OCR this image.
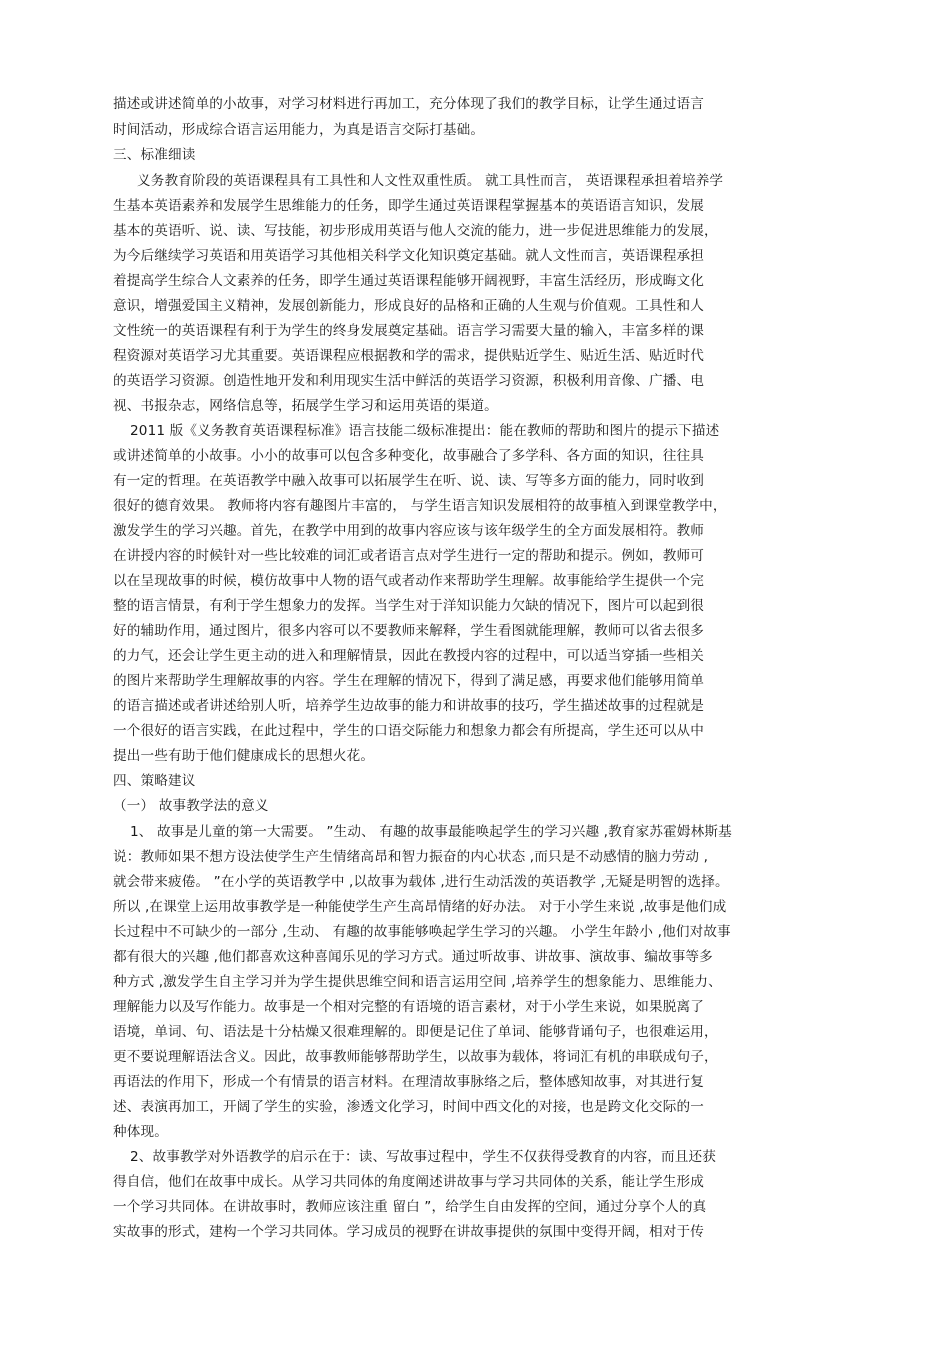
描述或讲述简单的小故事，对学习材料进行再加工，充分体现了我们的教学目标，让学生通过语言
时间活动，形成综合语言运用能力，为真是语言交际打基础。
三、标准细读
义务教育阶段的英语课程具有工具性和人文性双重性质。 就工具性而言， 英语课程承担着培养学
生基本英语素养和发展学生思维能力的任务，即学生通过英语课程掌握基本的英语语言知识，发展
基本的英语听、说、读、写技能，初步形成用英语与他人交流的能力，进一步促进思维能力的发展，
为今后继续学习英语和用英语学习其他相关科学文化知识奠定基础。就人文性而言，英语课程承担
着提高学生综合人文素养的任务，即学生通过英语课程能够开阔视野，丰富生活经历，形成晦文化
意识，增强爱国主义精神，发展创新能力，形成良好的品格和正确的人生观与价值观。工具性和人
文性统一的英语课程有利于为学生的终身发展奠定基础。语言学习需要大量的输入，丰富多样的课
程资源对英语学习尤其重要。英语课程应根据教和学的需求，提供贴近学生、贴近生活、贴近时代
的英语学习资源。创造性地开发和利用现实生活中鲜活的英语学习资源，积极利用音像、广播、电
视、书报杂志，网络信息等，拓展学生学习和运用英语的渠道。
2011 版《义务教育英语课程标准》语言技能二级标准提出：能在教师的帮助和图片的提示下描述
或讲述简单的小故事。小小的故事可以包含多种变化，故事融合了多学科、各方面的知识，往往具
有一定的哲理。在英语教学中融入故事可以拓展学生在听、说、读、写等多方面的能力，同时收到
很好的德育效果。 教师将内容有趣图片丰富的， 与学生语言知识发展相符的故事植入到课堂教学中，
激发学生的学习兴趣。首先，在教学中用到的故事内容应该与该年级学生的全方面发展相符。教师
在讲授内容的时候针对一些比较难的词汇或者语言点对学生进行一定的帮助和提示。例如，教师可
以在呈现故事的时候，模仿故事中人物的语气或者动作来帮助学生理解。故事能给学生提供一个完
整的语言情景，有利于学生想象力的发挥。当学生对于洋知识能力欠缺的情况下，图片可以起到很
好的辅助作用，通过图片，很多内容可以不要教师来解释，学生看图就能理解，教师可以省去很多
的力气，还会让学生更主动的进入和理解情景，因此在教授内容的过程中，可以适当穿插一些相关
的图片来帮助学生理解故事的内容。学生在理解的情况下，得到了满足感，再要求他们能够用简单
的语言描述或者讲述给别人听，培养学生边故事的能力和讲故事的技巧，学生描述故事的过程就是
一个很好的语言实践，在此过程中，学生的口语交际能力和想象力都会有所提高，学生还可以从中
提出一些有助于他们健康成长的思想火花。
四、策略建议
（一） 故事教学法的意义
1、 故事是儿童的第一大需要。 ”生动、 有趣的故事最能唤起学生的学习兴趣 ,教育家苏霍姆林斯基
说：教师如果不想方设法使学生产生情绪高昂和智力振奋的内心状态 ,而只是不动感情的脑力劳动 ,
就会带来疲倦。 ”在小学的英语教学中 ,以故事为载体 ,进行生动活泼的英语教学 ,无疑是明智的选择。
所以 ,在课堂上运用故事教学是一种能使学生产生高昂情绪的好办法。 对于小学生来说 ,故事是他们成
长过程中不可缺少的一部分 ,生动、 有趣的故事能够唤起学生学习的兴趣。 小学生年龄小 ,他们对故事
都有很大的兴趣 ,他们都喜欢这种喜闻乐见的学习方式。通过听故事、讲故事、演故事、编故事等多
种方式 ,激发学生自主学习并为学生提供思维空间和语言运用空间 ,培养学生的想象能力、思维能力、
理解能力以及写作能力。故事是一个相对完整的有语境的语言素材，对于小学生来说，如果脱离了
语境，单词、句、语法是十分枯燥又很难理解的。即便是记住了单词、能够背诵句子，也很难运用，
更不要说理解语法含义。因此，故事教师能够帮助学生，以故事为载体，将词汇有机的串联成句子，
再语法的作用下，形成一个有情景的语言材料。在理清故事脉络之后，整体感知故事，对其进行复
述、表演再加工，开阔了学生的实验，渗透文化学习，时间中西文化的对接，也是跨文化交际的一
种体现。
2、故事教学对外语教学的启示在于：读、写故事过程中，学生不仅获得受教育的内容，而且还获
得自信，他们在故事中成长。从学习共同体的角度阐述讲故事与学习共同体的关系，能让学生形成
一个学习共同体。在讲故事时，教师应该注重 留白 ”，给学生自由发挥的空间，通过分享个人的真
实故事的形式，建构一个学习共同体。学习成员的视野在讲故事提供的氛围中变得开阔，相对于传
